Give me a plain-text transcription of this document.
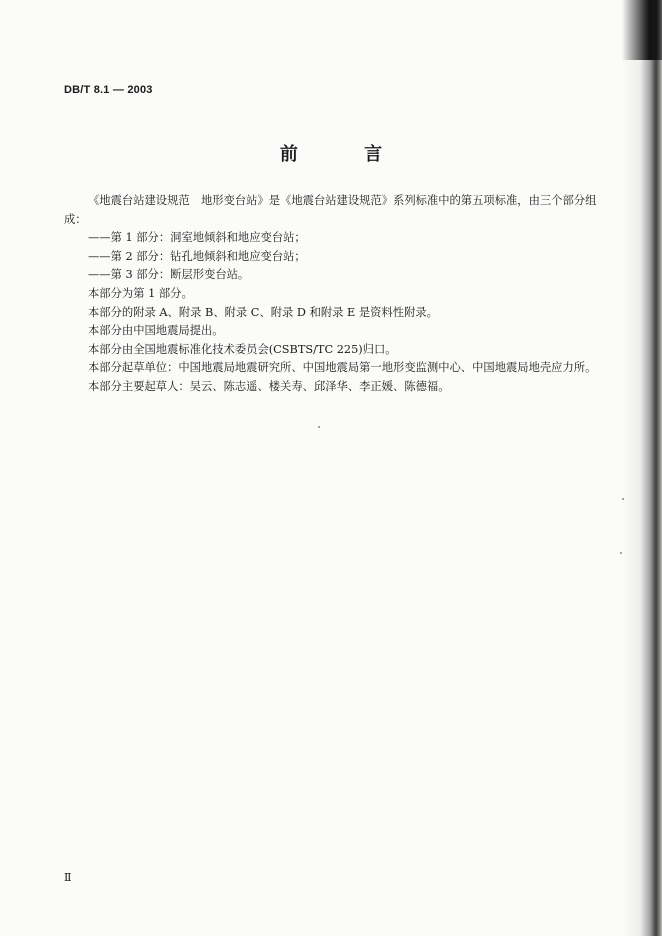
DB/T 8.1 — 2003
前 言

《地震台站建设规范　地形变台站》是《地震台站建设规范》系列标准中的第五项标准，由三个部分组成：

——第 1 部分：洞室地倾斜和地应变台站；

——第 2 部分：钻孔地倾斜和地应变台站；

——第 3 部分：断层形变台站。

本部分为第 1 部分。

本部分的附录 A、附录 B、附录 C、附录 D 和附录 E 是资料性附录。

本部分由中国地震局提出。

本部分由全国地震标准化技术委员会(CSBTS/TC 225)归口。

本部分起草单位：中国地震局地震研究所、中国地震局第一地形变监测中心、中国地震局地壳应力所。

本部分主要起草人：吴云、陈志遥、楼关寿、邱泽华、李正媛、陈德福。

Ⅱ
